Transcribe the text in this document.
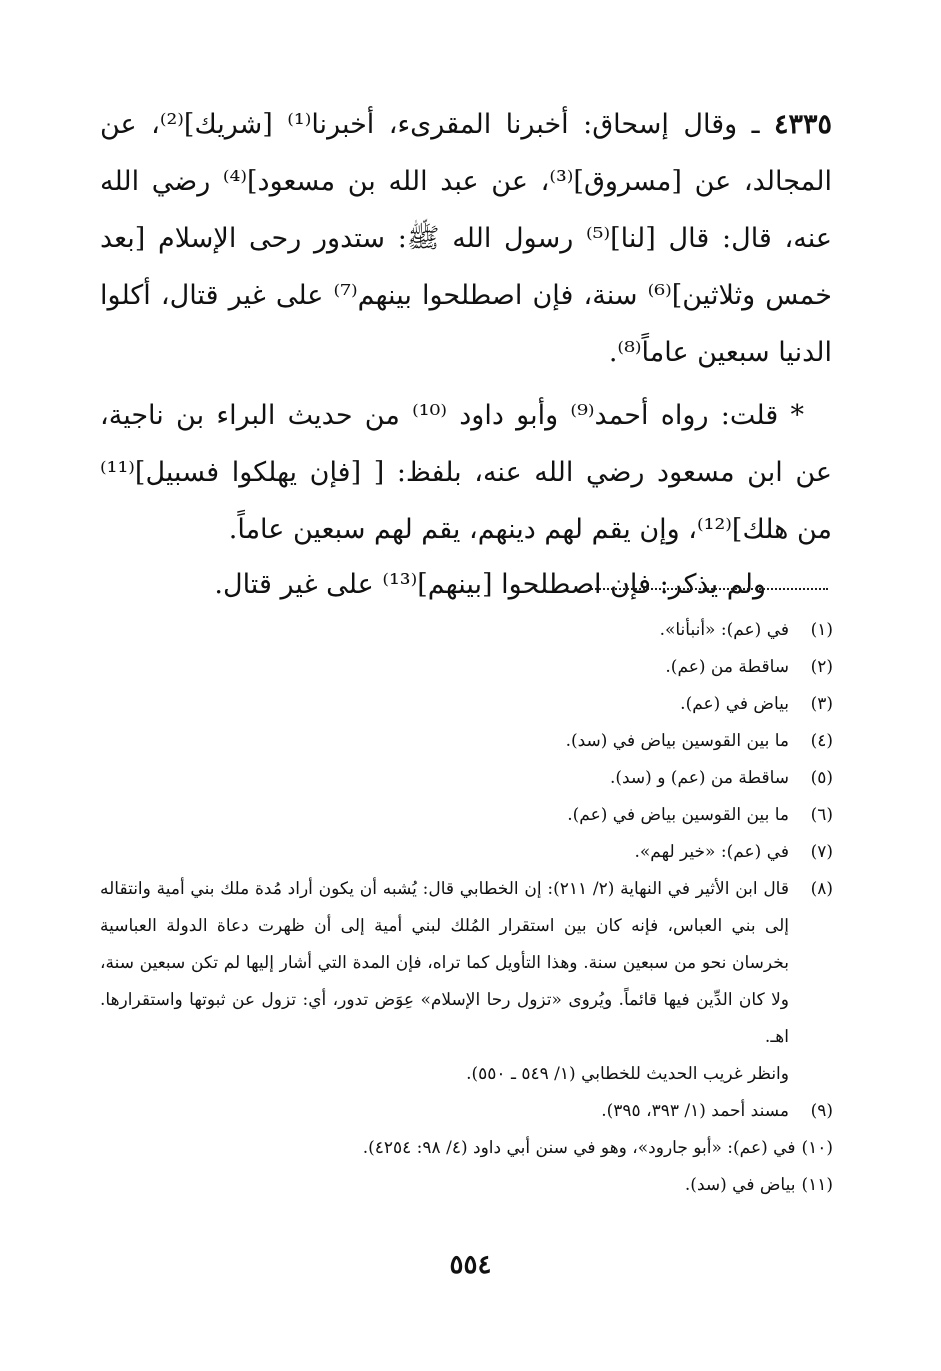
٤٣٣٥ ـ وقال إسحاق: أخبرنا المقرىء، أخبرنا⁽¹⁾ [شريك]⁽²⁾، عن المجالد، عن [مسروق]⁽³⁾، عن عبد الله بن مسعود]⁽⁴⁾ رضي الله عنه، قال: قال [لنا]⁽⁵⁾ رسول الله ﷺ: ستدور رحى الإسلام [بعد خمس وثلاثين]⁽⁶⁾ سنة، فإن اصطلحوا بينهم⁽⁷⁾ على غير قتال، أكلوا الدنيا سبعين عاماً⁽⁸⁾.

* قلت: رواه أحمد⁽⁹⁾ وأبو داود ⁽¹⁰⁾ من حديث البراء بن ناجية، عن ابن مسعود رضي الله عنه، بلفظ: [ [فإن يهلكوا فسبيل]⁽¹¹⁾ من هلك]⁽¹²⁾، وإن يقم لهم دينهم، يقم لهم سبعين عاماً.

ولم يذكر: فإن اصطلحوا [بينهم]⁽¹³⁾ على غير قتال.

(١)
في (عم): «أنبأنا».

(٢)
ساقطة من (عم).

(٣)
بياض في (عم).

(٤)
ما بين القوسين بياض في (سد).

(٥)
ساقطة من (عم) و (سد).

(٦)
ما بين القوسين بياض في (عم).

(٧)
في (عم): «خير لهم».

(٨)
قال ابن الأثير في النهاية (٢/ ٢١١): إن الخطابي قال: يُشبه أن يكون أراد مُدة ملك بني أمية وانتقاله إلى بني العباس، فإنه كان بين استقرار المُلك لبني أمية إلى أن ظهرت دعاة الدولة العباسية بخرسان نحو من سبعين سنة. وهذا التأويل كما تراه، فإن المدة التي أشار إليها لم تكن سبعين سنة، ولا كان الدِّين فيها قائماً. ويُروى «تزول رحا الإسلام» عِوَض تدور، أي: تزول عن ثبوتها واستقرارها. اهـ.

وانظر غريب الحديث للخطابي (١/ ٥٤٩ ـ ٥٥٠).

(٩)
مسند أحمد (١/ ٣٩٣، ٣٩٥).

(١٠)في (عم): «أبو جارود»، وهو في سنن أبي داود (٤/ ٩٨: ٤٢٥٤).

(١١)بياض في (سد).

٥٥٤
